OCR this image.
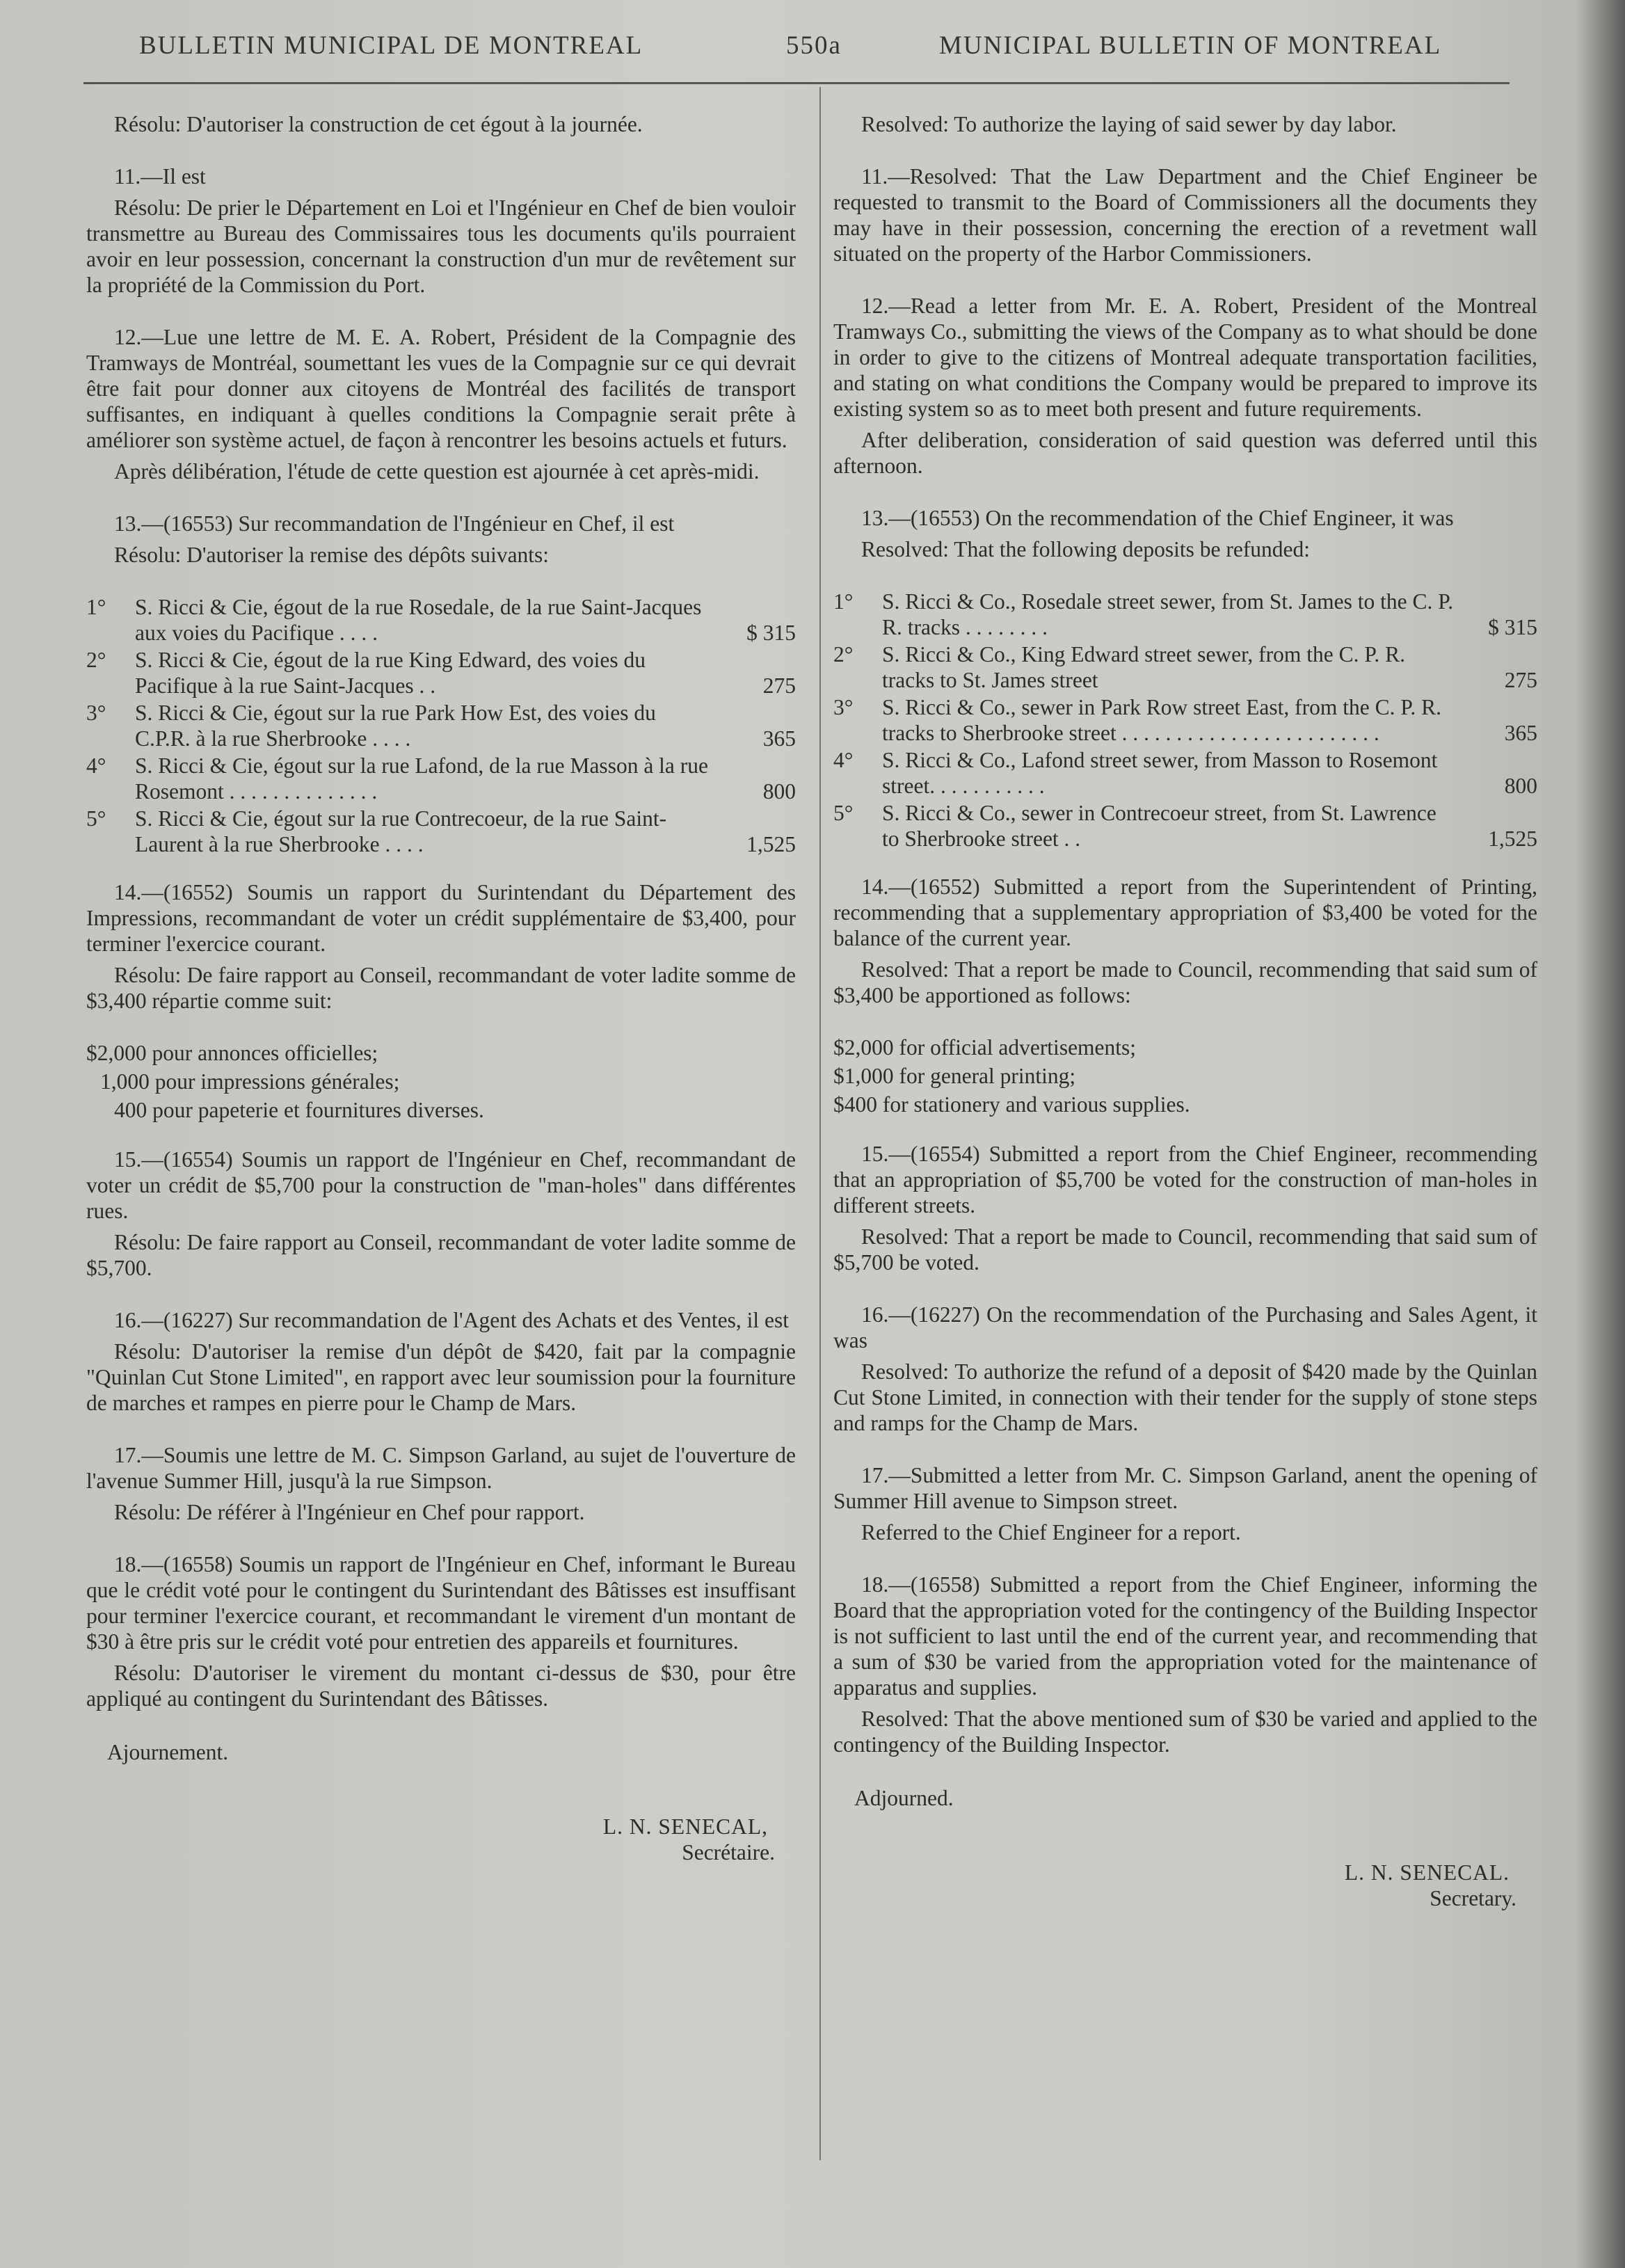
BULLETIN MUNICIPAL DE MONTREAL	550a	MUNICIPAL BULLETIN OF MONTREAL

Résolu: D'autoriser la construction de cet égout à la journée.

11.—Il est

Résolu: De prier le Département en Loi et l'Ingénieur en Chef de bien vouloir transmettre au Bureau des Commissaires tous les documents qu'ils pourraient avoir en leur possession, concernant la construction d'un mur de revêtement sur la propriété de la Commission du Port.

12.—Lue une lettre de M. E. A. Robert, Président de la Compagnie des Tramways de Montréal, soumettant les vues de la Compagnie sur ce qui devrait être fait pour donner aux citoyens de Montréal des facilités de transport suffisantes, en indiquant à quelles conditions la Compagnie serait prête à améliorer son système actuel, de façon à rencontrer les besoins actuels et futurs.

Après délibération, l'étude de cette question est ajournée à cet après-midi.

13.—(16553) Sur recommandation de l'Ingénieur en Chef, il est

Résolu: D'autoriser la remise des dépôts suivants:

1°	S. Ricci & Cie, égout de la rue Rosedale, de la rue Saint-Jacques aux voies du Pacifique . . . .	$ 315
2°	S. Ricci & Cie, égout de la rue King Edward, des voies du Pacifique à la rue Saint-Jacques . .	275
3°	S. Ricci & Cie, égout sur la rue Park How Est, des voies du C.P.R. à la rue Sherbrooke . . . .	365
4°	S. Ricci & Cie, égout sur la rue Lafond, de la rue Masson à la rue Rosemont . . . . . . . . . . . . . .	800
5°	S. Ricci & Cie, égout sur la rue Contrecoeur, de la rue Saint-Laurent à la rue Sherbrooke . . . .	1,525

14.—(16552) Soumis un rapport du Surintendant du Département des Impressions, recommandant de voter un crédit supplémentaire de $3,400, pour terminer l'exercice courant.

Résolu: De faire rapport au Conseil, recommandant de voter ladite somme de $3,400 répartie comme suit:

$2,000 pour annonces officielles;
1,000 pour impressions générales;
400 pour papeterie et fournitures diverses.

15.—(16554) Soumis un rapport de l'Ingénieur en Chef, recommandant de voter un crédit de $5,700 pour la construction de "man-holes" dans différentes rues.

Résolu: De faire rapport au Conseil, recommandant de voter ladite somme de $5,700.

16.—(16227) Sur recommandation de l'Agent des Achats et des Ventes, il est

Résolu: D'autoriser la remise d'un dépôt de $420, fait par la compagnie "Quinlan Cut Stone Limited", en rapport avec leur soumission pour la fourniture de marches et rampes en pierre pour le Champ de Mars.

17.—Soumis une lettre de M. C. Simpson Garland, au sujet de l'ouverture de l'avenue Summer Hill, jusqu'à la rue Simpson.

Résolu: De référer à l'Ingénieur en Chef pour rapport.

18.—(16558) Soumis un rapport de l'Ingénieur en Chef, informant le Bureau que le crédit voté pour le contingent du Surintendant des Bâtisses est insuffisant pour terminer l'exercice courant, et recommandant le virement d'un montant de $30 à être pris sur le crédit voté pour entretien des appareils et fournitures.

Résolu: D'autoriser le virement du montant ci-dessus de $30, pour être appliqué au contingent du Surintendant des Bâtisses.

Ajournement.
L. N. SENECAL,
Secrétaire.

Resolved: To authorize the laying of said sewer by day labor.

11.—Resolved: That the Law Department and the Chief Engineer be requested to transmit to the Board of Commissioners all the documents they may have in their possession, concerning the erection of a revetment wall situated on the property of the Harbor Commissioners.

12.—Read a letter from Mr. E. A. Robert, President of the Montreal Tramways Co., submitting the views of the Company as to what should be done in order to give to the citizens of Montreal adequate transportation facilities, and stating on what conditions the Company would be prepared to improve its existing system so as to meet both present and future requirements.

After deliberation, consideration of said question was deferred until this afternoon.

13.—(16553) On the recommendation of the Chief Engineer, it was

Resolved: That the following deposits be refunded:

1°	S. Ricci & Co., Rosedale street sewer, from St. James to the C. P. R. tracks . . . . . . . .	$ 315
2°	S. Ricci & Co., King Edward street sewer, from the C. P. R. tracks to St. James street	275
3°	S. Ricci & Co., sewer in Park Row street East, from the C. P. R. tracks to Sherbrooke street . . . . . . . . . . . . . . . . . . . . . . . .	365
4°	S. Ricci & Co., Lafond street sewer, from Masson to Rosemont street. . . . . . . . . . .	800
5°	S. Ricci & Co., sewer in Contrecoeur street, from St. Lawrence to Sherbrooke street . .	1,525

14.—(16552) Submitted a report from the Superintendent of Printing, recommending that a supplementary appropriation of $3,400 be voted for the balance of the current year.

Resolved: That a report be made to Council, recommending that said sum of $3,400 be apportioned as follows:

$2,000 for official advertisements;
$1,000 for general printing;
$400 for stationery and various supplies.

15.—(16554) Submitted a report from the Chief Engineer, recommending that an appropriation of $5,700 be voted for the construction of man-holes in different streets.

Resolved: That a report be made to Council, recommending that said sum of $5,700 be voted.

16.—(16227) On the recommendation of the Purchasing and Sales Agent, it was

Resolved: To authorize the refund of a deposit of $420 made by the Quinlan Cut Stone Limited, in connection with their tender for the supply of stone steps and ramps for the Champ de Mars.

17.—Submitted a letter from Mr. C. Simpson Garland, anent the opening of Summer Hill avenue to Simpson street.

Referred to the Chief Engineer for a report.

18.—(16558) Submitted a report from the Chief Engineer, informing the Board that the appropriation voted for the contingency of the Building Inspector is not sufficient to last until the end of the current year, and recommending that a sum of $30 be varied from the appropriation voted for the maintenance of apparatus and supplies.

Resolved: That the above mentioned sum of $30 be varied and applied to the contingency of the Building Inspector.

Adjourned.
L. N. SENECAL.
Secretary.
